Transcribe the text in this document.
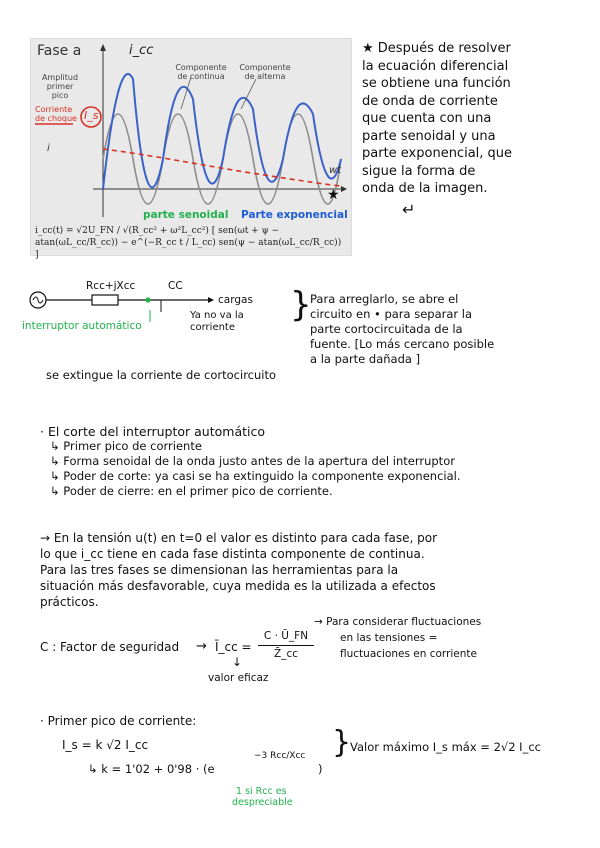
Fase a	i_cc
Componente de continua
Componente de alterna
Amplitud primer pico
Corriente de choque I_s
wt
i
★
parte senoidal Parte exponencial
i_cc(t) = √2U_FN / √(R_cc² + ω²L_cc²) [ sen(ωt + ψ − atan(ωL_cc/R_cc)) − e^(−R_cc t / L_cc) sen(ψ − atan(ωL_cc/R_cc)) ]
★ Después de resolver
la ecuación diferencial
se obtiene una función
de onda de corriente
que cuenta con una
parte senoidal y una
parte exponencial, que
sigue la forma de
onda de la imagen.
↵
Rcc+jXcc	CC
cargas
interruptor automático
Ya no va la corriente
}
Para arreglarlo, se abre el
circuito en • para separar la
parte cortocircuitada de la
fuente. [Lo más cercano posible
a la parte dañada ]
se extingue la corriente de cortocircuito
· El corte del interruptor automático
↳ Primer pico de corriente
↳ Forma senoidal de la onda justo antes de la apertura del interruptor
↳ Poder de corte: ya casi se ha extinguido la componente exponencial.
↳ Poder de cierre: en el primer pico de corriente.
→ En la tensión u(t) en t=0 el valor es distinto para cada fase, por
lo que i_cc tiene en cada fase distinta componente de continua.
Para las tres fases se dimensionan las herramientas para la
situación más desfavorable, cuya medida es la utilizada a efectos
prácticos.
C : Factor de seguridad → Ī_cc =
C · Ū_FN
Z̄_cc
↓
valor eficaz
→ Para considerar fluctuaciones
en las tensiones =
fluctuaciones en corriente
· Primer pico de corriente:
I_s = k √2 I_cc
↳ k = 1'02 + 0'98 · (e
−3 Rcc/Xcc
)
1 si Rcc es
despreciable
}
Valor máximo I_s máx = 2√2 I_cc
